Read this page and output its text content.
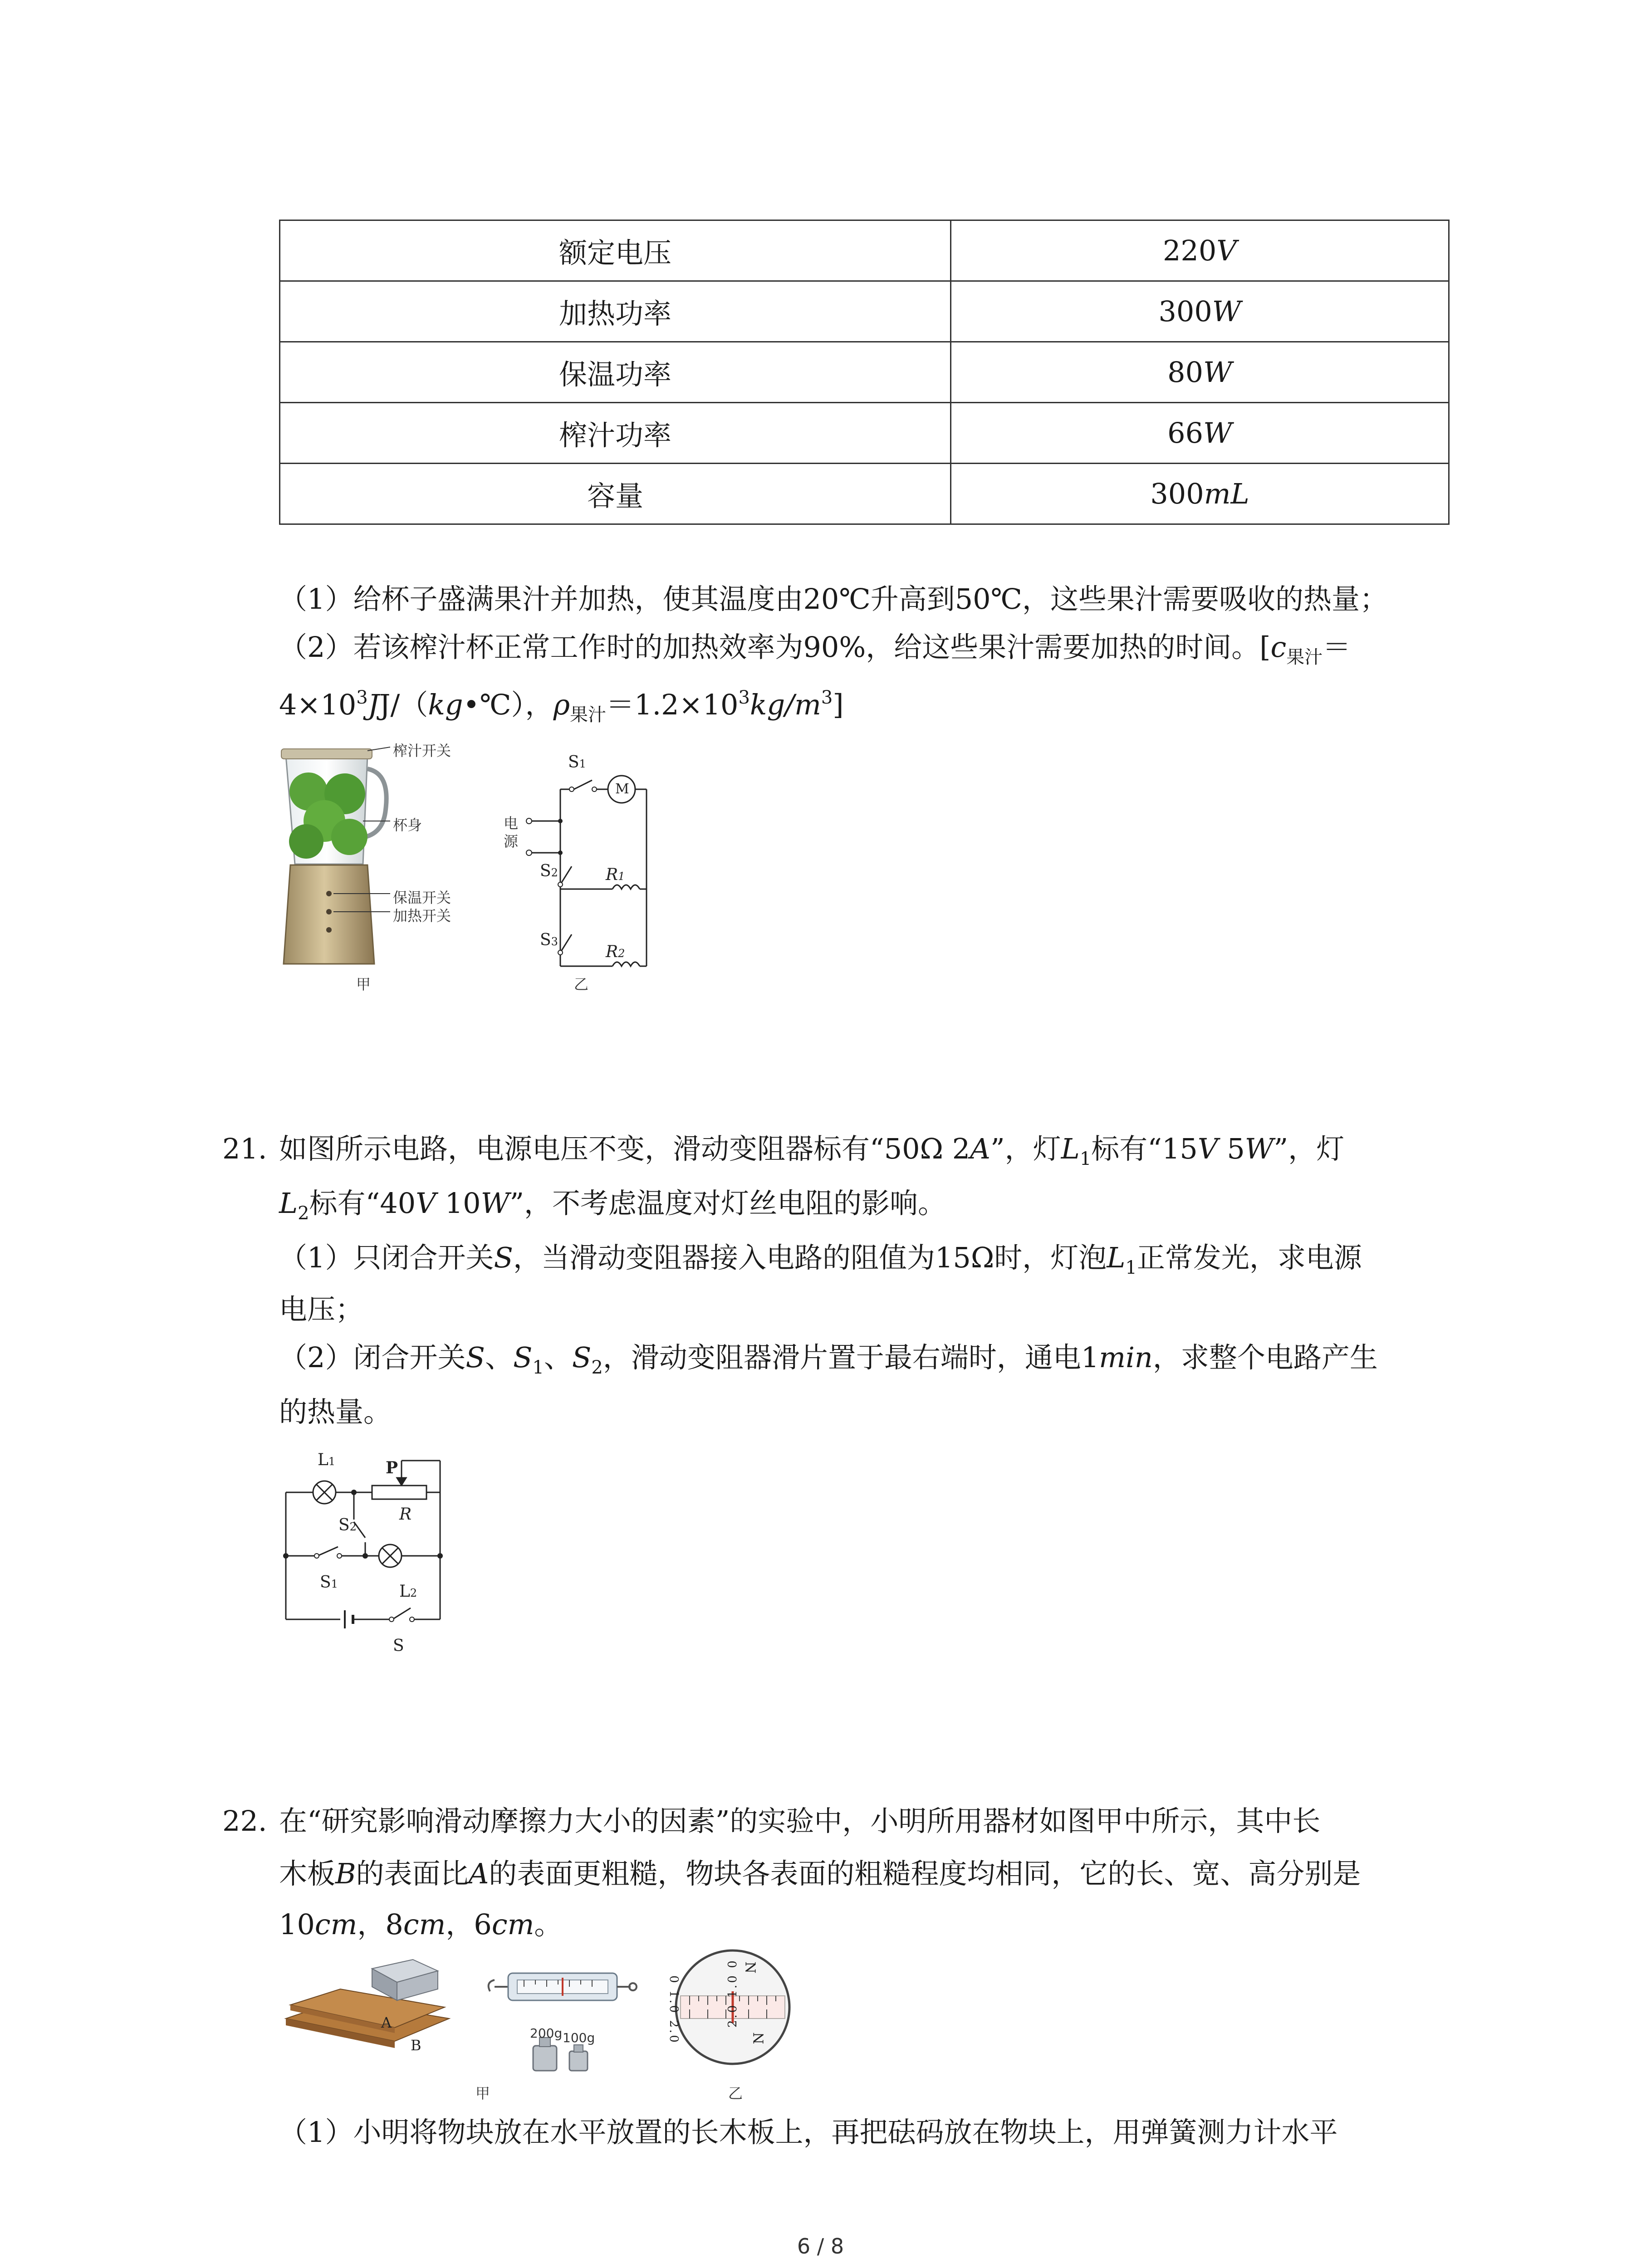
额定电压	220V
加热功率	300W
保温功率	80W
榨汁功率	66W
容量	300mL
（1）给杯子盛满果汁并加热，使其温度由20℃升高到50℃，这些果汁需要吸收的热量；
（2）若该榨汁杯正常工作时的加热效率为90%，给这些果汁需要加热的时间。[$c_{果汁}=$
$4\times 10^3JJ/(kg•℃)$，$\rho_{果汁}=1.2\times 10^3kg/m^3$]
榨汁开关
杯身
保温开关
加热开关
甲
S1
M
电
源
S2	R1
S3
R2
乙
21. 如图所示电路，电源电压不变，滑动变阻器标有“50Ω 2A”，灯$L_1$标有“15V 5W”，灯
$L_2$标有“40V 10W”，不考虑温度对灯丝电阻的影响。
（1）只闭合开关S，当滑动变阻器接入电路的阻值为15Ω时，灯泡$L_1$正常发光，求电源
电压；
（2）闭合开关S、$S_1$、$S_2$，滑动变阻器滑片置于最右端时，通电1min，求整个电路产生
的热量。
L1	P
R
S2
S1	L2
S
22. 在“研究影响滑动摩擦力大小的因素”的实验中，小明所用器材如图甲中所示，其中长
木板B的表面比A的表面更粗糙，物块各表面的粗糙程度均相同，它的长、宽、高分别是
10cm，8cm，6cm。
A
B
200g 100g
甲
N
0 1.0 2.0	2.0 1.0 0
N
乙
（1）小明将物块放在水平放置的长木板上，再把砝码放在物块上，用弹簧测力计水平
6 / 8
